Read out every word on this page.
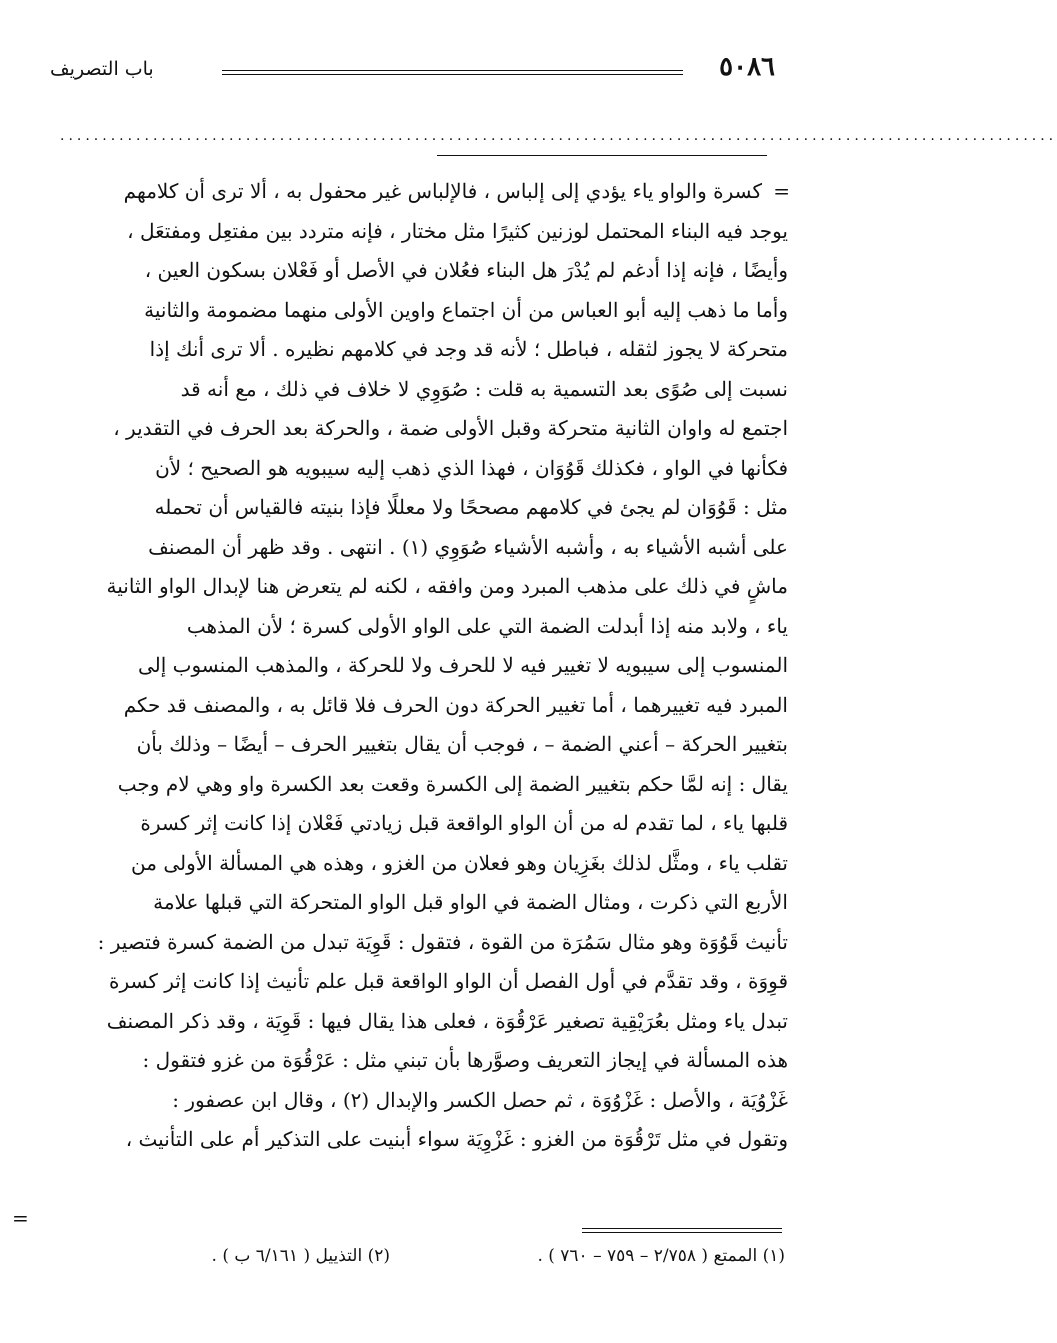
٥٠٨٦
باب التصريف
......................................................................................................................
=
كسرة والواو ياء يؤدي إلى إلباس ، فالإلباس غير محفول به ، ألا ترى أن كلامهم
يوجد فيه البناء المحتمل لوزنين كثيرًا مثل مختار ، فإنه متردد بين مفتعِل ومفتعَل ،
وأيضًا ، فإنه إذا أدغم لم يُدْرَ هل البناء فعُلان في الأصل أو فَعْلان بسكون العين ،
وأما ما ذهب إليه أبو العباس من أن اجتماع واوين الأولى منهما مضمومة والثانية
متحركة لا يجوز لثقله ، فباطل ؛ لأنه قد وجد في كلامهم نظيره . ألا ترى أنك إذا
نسبت إلى صُوًى بعد التسمية به قلت : صُوَوِي لا خلاف في ذلك ، مع أنه قد
اجتمع له واوان الثانية متحركة وقبل الأولى ضمة ، والحركة بعد الحرف في التقدير ،
فكأنها في الواو ، فكذلك قَوُوَان ، فهذا الذي ذهب إليه سيبويه هو الصحيح ؛ لأن
مثل : قَوُوَان لم يجئ في كلامهم مصححًا ولا معللًا فإذا بنيته فالقياس أن تحمله
على أشبه الأشياء به ، وأشبه الأشياء صُوَوِي (١) . انتهى . وقد ظهر أن المصنف
ماشٍ في ذلك على مذهب المبرد ومن وافقه ، لكنه لم يتعرض هنا لإبدال الواو الثانية
ياء ، ولابد منه إذا أبدلت الضمة التي على الواو الأولى كسرة ؛ لأن المذهب
المنسوب إلى سيبويه لا تغيير فيه لا للحرف ولا للحركة ، والمذهب المنسوب إلى
المبرد فيه تغييرهما ، أما تغيير الحركة دون الحرف فلا قائل به ، والمصنف قد حكم
بتغيير الحركة – أعني الضمة – ، فوجب أن يقال بتغيير الحرف – أيضًا – وذلك بأن
يقال : إنه لمَّا حكم بتغيير الضمة إلى الكسرة وقعت بعد الكسرة واو وهي لام وجب
قلبها ياء ، لما تقدم له من أن الواو الواقعة قبل زيادتي فَعْلان إذا كانت إثر كسرة
تقلب ياء ، ومثَّل لذلك بغَزِيان وهو فعلان من الغزو ، وهذه هي المسألة الأولى من
الأربع التي ذكرت ، ومثال الضمة في الواو قبل الواو المتحركة التي قبلها علامة
تأنيث قَوُوَة وهو مثال سَمُرَة من القوة ، فتقول : قَوِيَة تبدل من الضمة كسرة فتصير :
قوِوَة ، وقد تقدَّم في أول الفصل أن الواو الواقعة قبل علم تأنيث إذا كانت إثر كسرة
تبدل ياء ومثل بعُرَيْقِية تصغير عَرْقُوَة ، فعلى هذا يقال فيها : قَوِيَة ، وقد ذكر المصنف
هذه المسألة في إيجاز التعريف وصوَّرها بأن تبني مثل : عَرْقُوَة من غزو فتقول :
غَزْوُيَة ، والأصل : غَزْوُوَة ، ثم حصل الكسر والإبدال (٢) ، وقال ابن عصفور :
وتقول في مثل تَرْقُوَة من الغزو : غَزْوِيَة سواء أبنيت على التذكير أم على التأنيث ،
=
(١) الممتع ( ٢/٧٥٨ – ٧٥٩ – ٧٦٠ ) .
(٢) التذييل ( ٦/١٦١ ب ) .
